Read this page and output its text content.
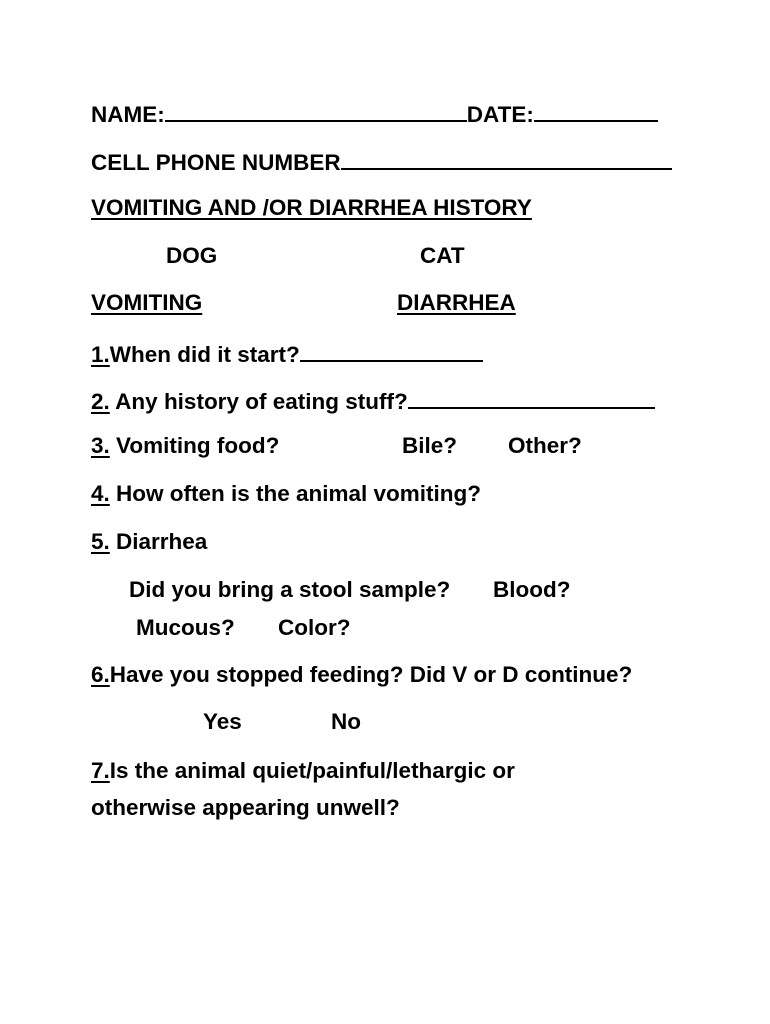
NAME:	DATE:
CELL PHONE NUMBER
VOMITING AND /OR DIARRHEA HISTORY
DOG	CAT
VOMITING	DIARRHEA
1.When did it start?
2. Any history of eating stuff?
3. Vomiting food?	Bile? Other?
4. How often is the animal vomiting?
5. Diarrhea
Did you bring a stool sample? Blood?
Mucous? Color?
6.Have you stopped feeding? Did V or D continue?
Yes	No
7.Is the animal quiet/painful/lethargic or
otherwise appearing unwell?
